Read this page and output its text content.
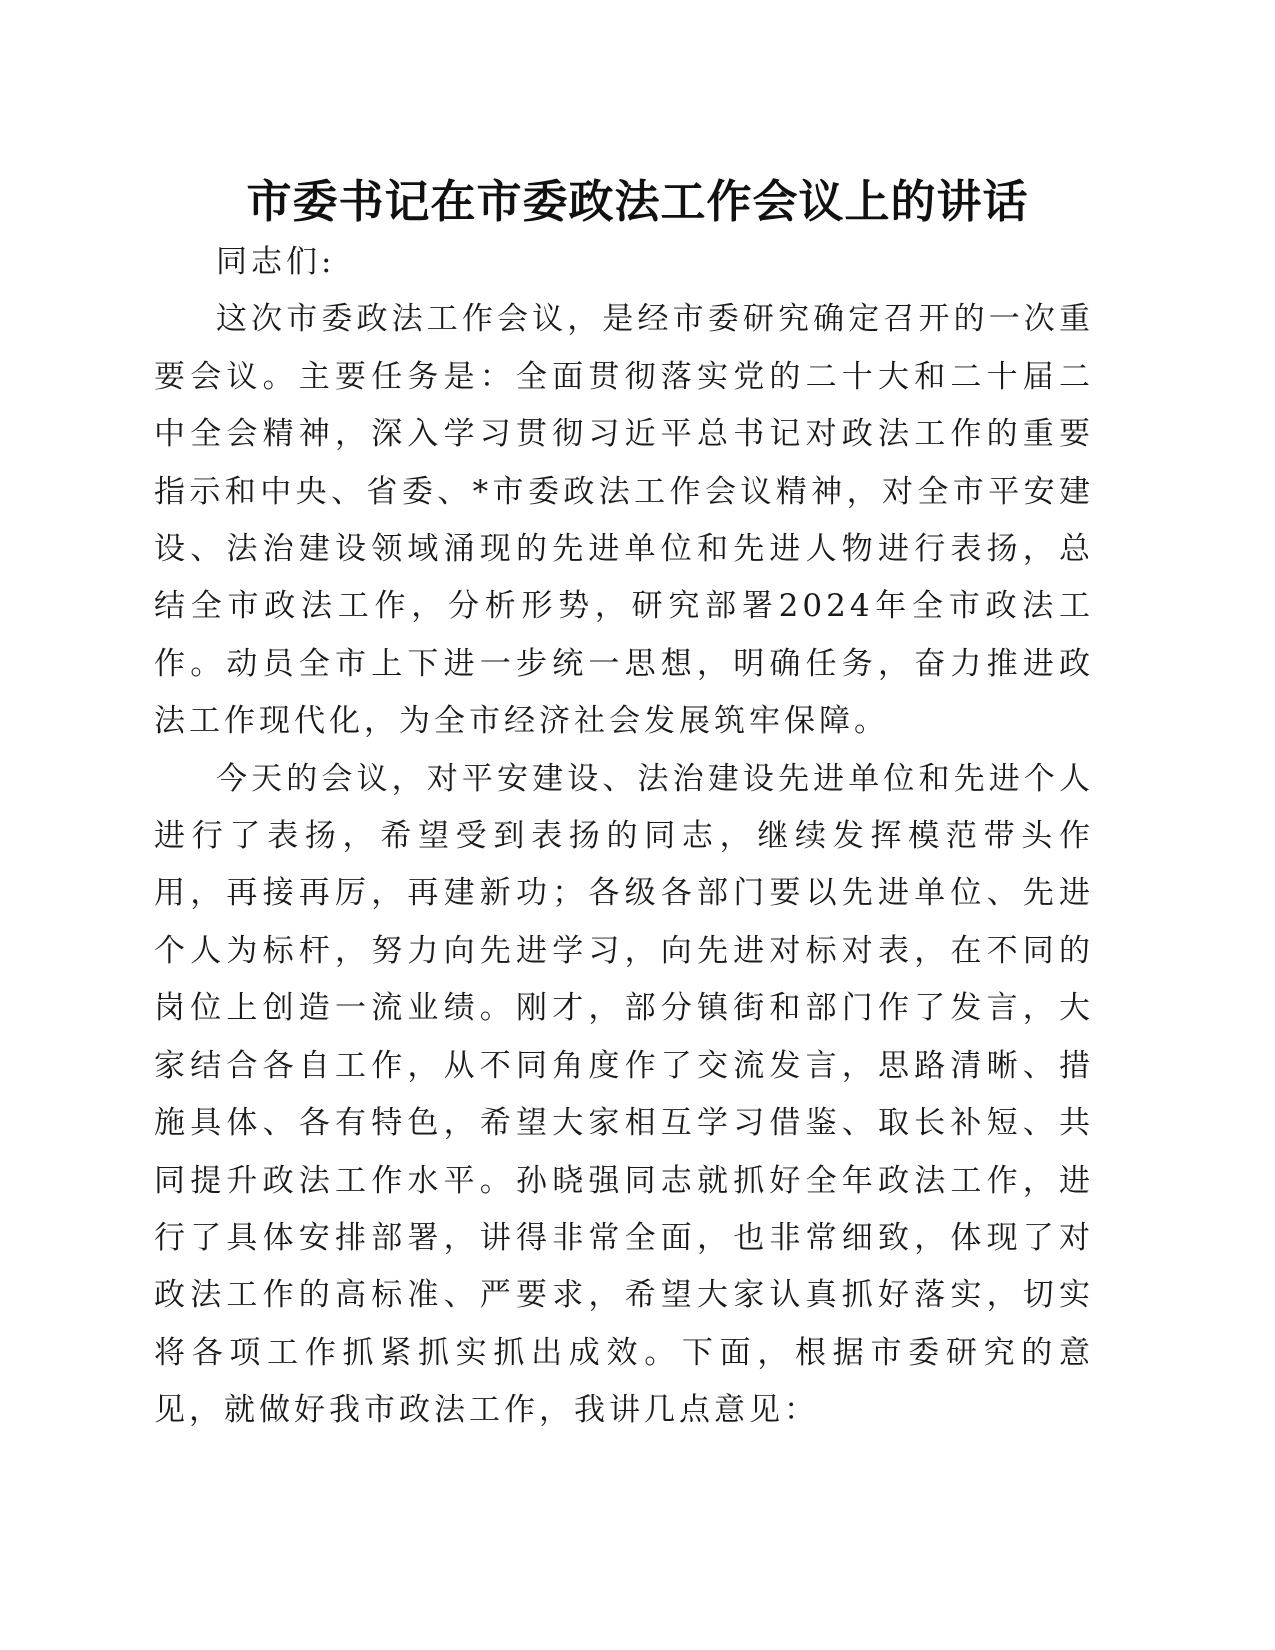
市委书记在市委政法工作会议上的讲话

同志们:

这次市委政法工作会议，是经市委研究确定召开的一次重要会议。主要任务是：全面贯彻落实党的二十大和二十届二中全会精神，深入学习贯彻习近平总书记对政法工作的重要指示和中央、省委、*市委政法工作会议精神，对全市平安建设、法治建设领域涌现的先进单位和先进人物进行表扬，总结全市政法工作，分析形势，研究部署2024年全市政法工作。动员全市上下进一步统一思想，明确任务，奋力推进政法工作现代化，为全市经济社会发展筑牢保障。

今天的会议，对平安建设、法治建设先进单位和先进个人进行了表扬，希望受到表扬的同志，继续发挥模范带头作用，再接再厉，再建新功；各级各部门要以先进单位、先进个人为标杆，努力向先进学习，向先进对标对表，在不同的岗位上创造一流业绩。刚才，部分镇街和部门作了发言，大家结合各自工作，从不同角度作了交流发言，思路清晰、措施具体、各有特色，希望大家相互学习借鉴、取长补短、共同提升政法工作水平。孙晓强同志就抓好全年政法工作，进行了具体安排部署，讲得非常全面，也非常细致，体现了对政法工作的高标准、严要求，希望大家认真抓好落实，切实将各项工作抓紧抓实抓出成效。下面，根据市委研究的意见，就做好我市政法工作，我讲几点意见：
